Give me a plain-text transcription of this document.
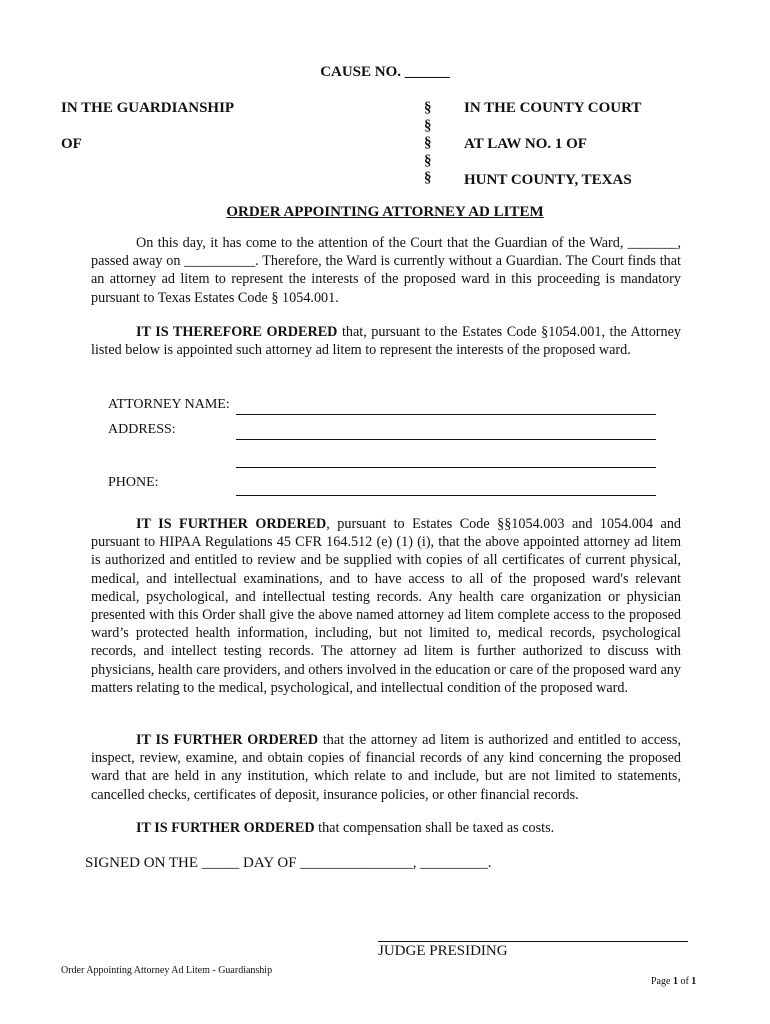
CAUSE NO. ______
IN THE GUARDIANSHIP
OF
§
§
§
§
§
IN THE COUNTY COURT
AT LAW NO. 1 OF
HUNT COUNTY, TEXAS
ORDER APPOINTING ATTORNEY AD LITEM
On this day, it has come to the attention of the Court that the Guardian of the Ward, _______, passed away on __________. Therefore, the Ward is currently without a Guardian. The Court finds that an attorney ad litem to represent the interests of the proposed ward in this proceeding is mandatory pursuant to Texas Estates Code § 1054.001.
IT IS THEREFORE ORDERED that, pursuant to the Estates Code §1054.001, the Attorney listed below is appointed such attorney ad litem to represent the interests of the proposed ward.
ATTORNEY NAME:
ADDRESS:
PHONE:
IT IS FURTHER ORDERED, pursuant to Estates Code §§1054.003 and 1054.004 and pursuant to HIPAA Regulations 45 CFR 164.512 (e) (1) (i), that the above appointed attorney ad litem is authorized and entitled to review and be supplied with copies of all certificates of current physical, medical, and intellectual examinations, and to have access to all of the proposed ward's relevant medical, psychological, and intellectual testing records. Any health care organization or physician presented with this Order shall give the above named attorney ad litem complete access to the proposed ward’s protected health information, including, but not limited to, medical records, psychological records, and intellect testing records. The attorney ad litem is further authorized to discuss with physicians, health care providers, and others involved in the education or care of the proposed ward any matters relating to the medical, psychological, and intellectual condition of the proposed ward.
IT IS FURTHER ORDERED that the attorney ad litem is authorized and entitled to access, inspect, review, examine, and obtain copies of financial records of any kind concerning the proposed ward that are held in any institution, which relate to and include, but are not limited to statements, cancelled checks, certificates of deposit, insurance policies, or other financial records.
IT IS FURTHER ORDERED that compensation shall be taxed as costs.
SIGNED ON THE _____ DAY OF _______________, _________.
JUDGE PRESIDING
Order Appointing Attorney Ad Litem - Guardianship
Page 1 of 1
